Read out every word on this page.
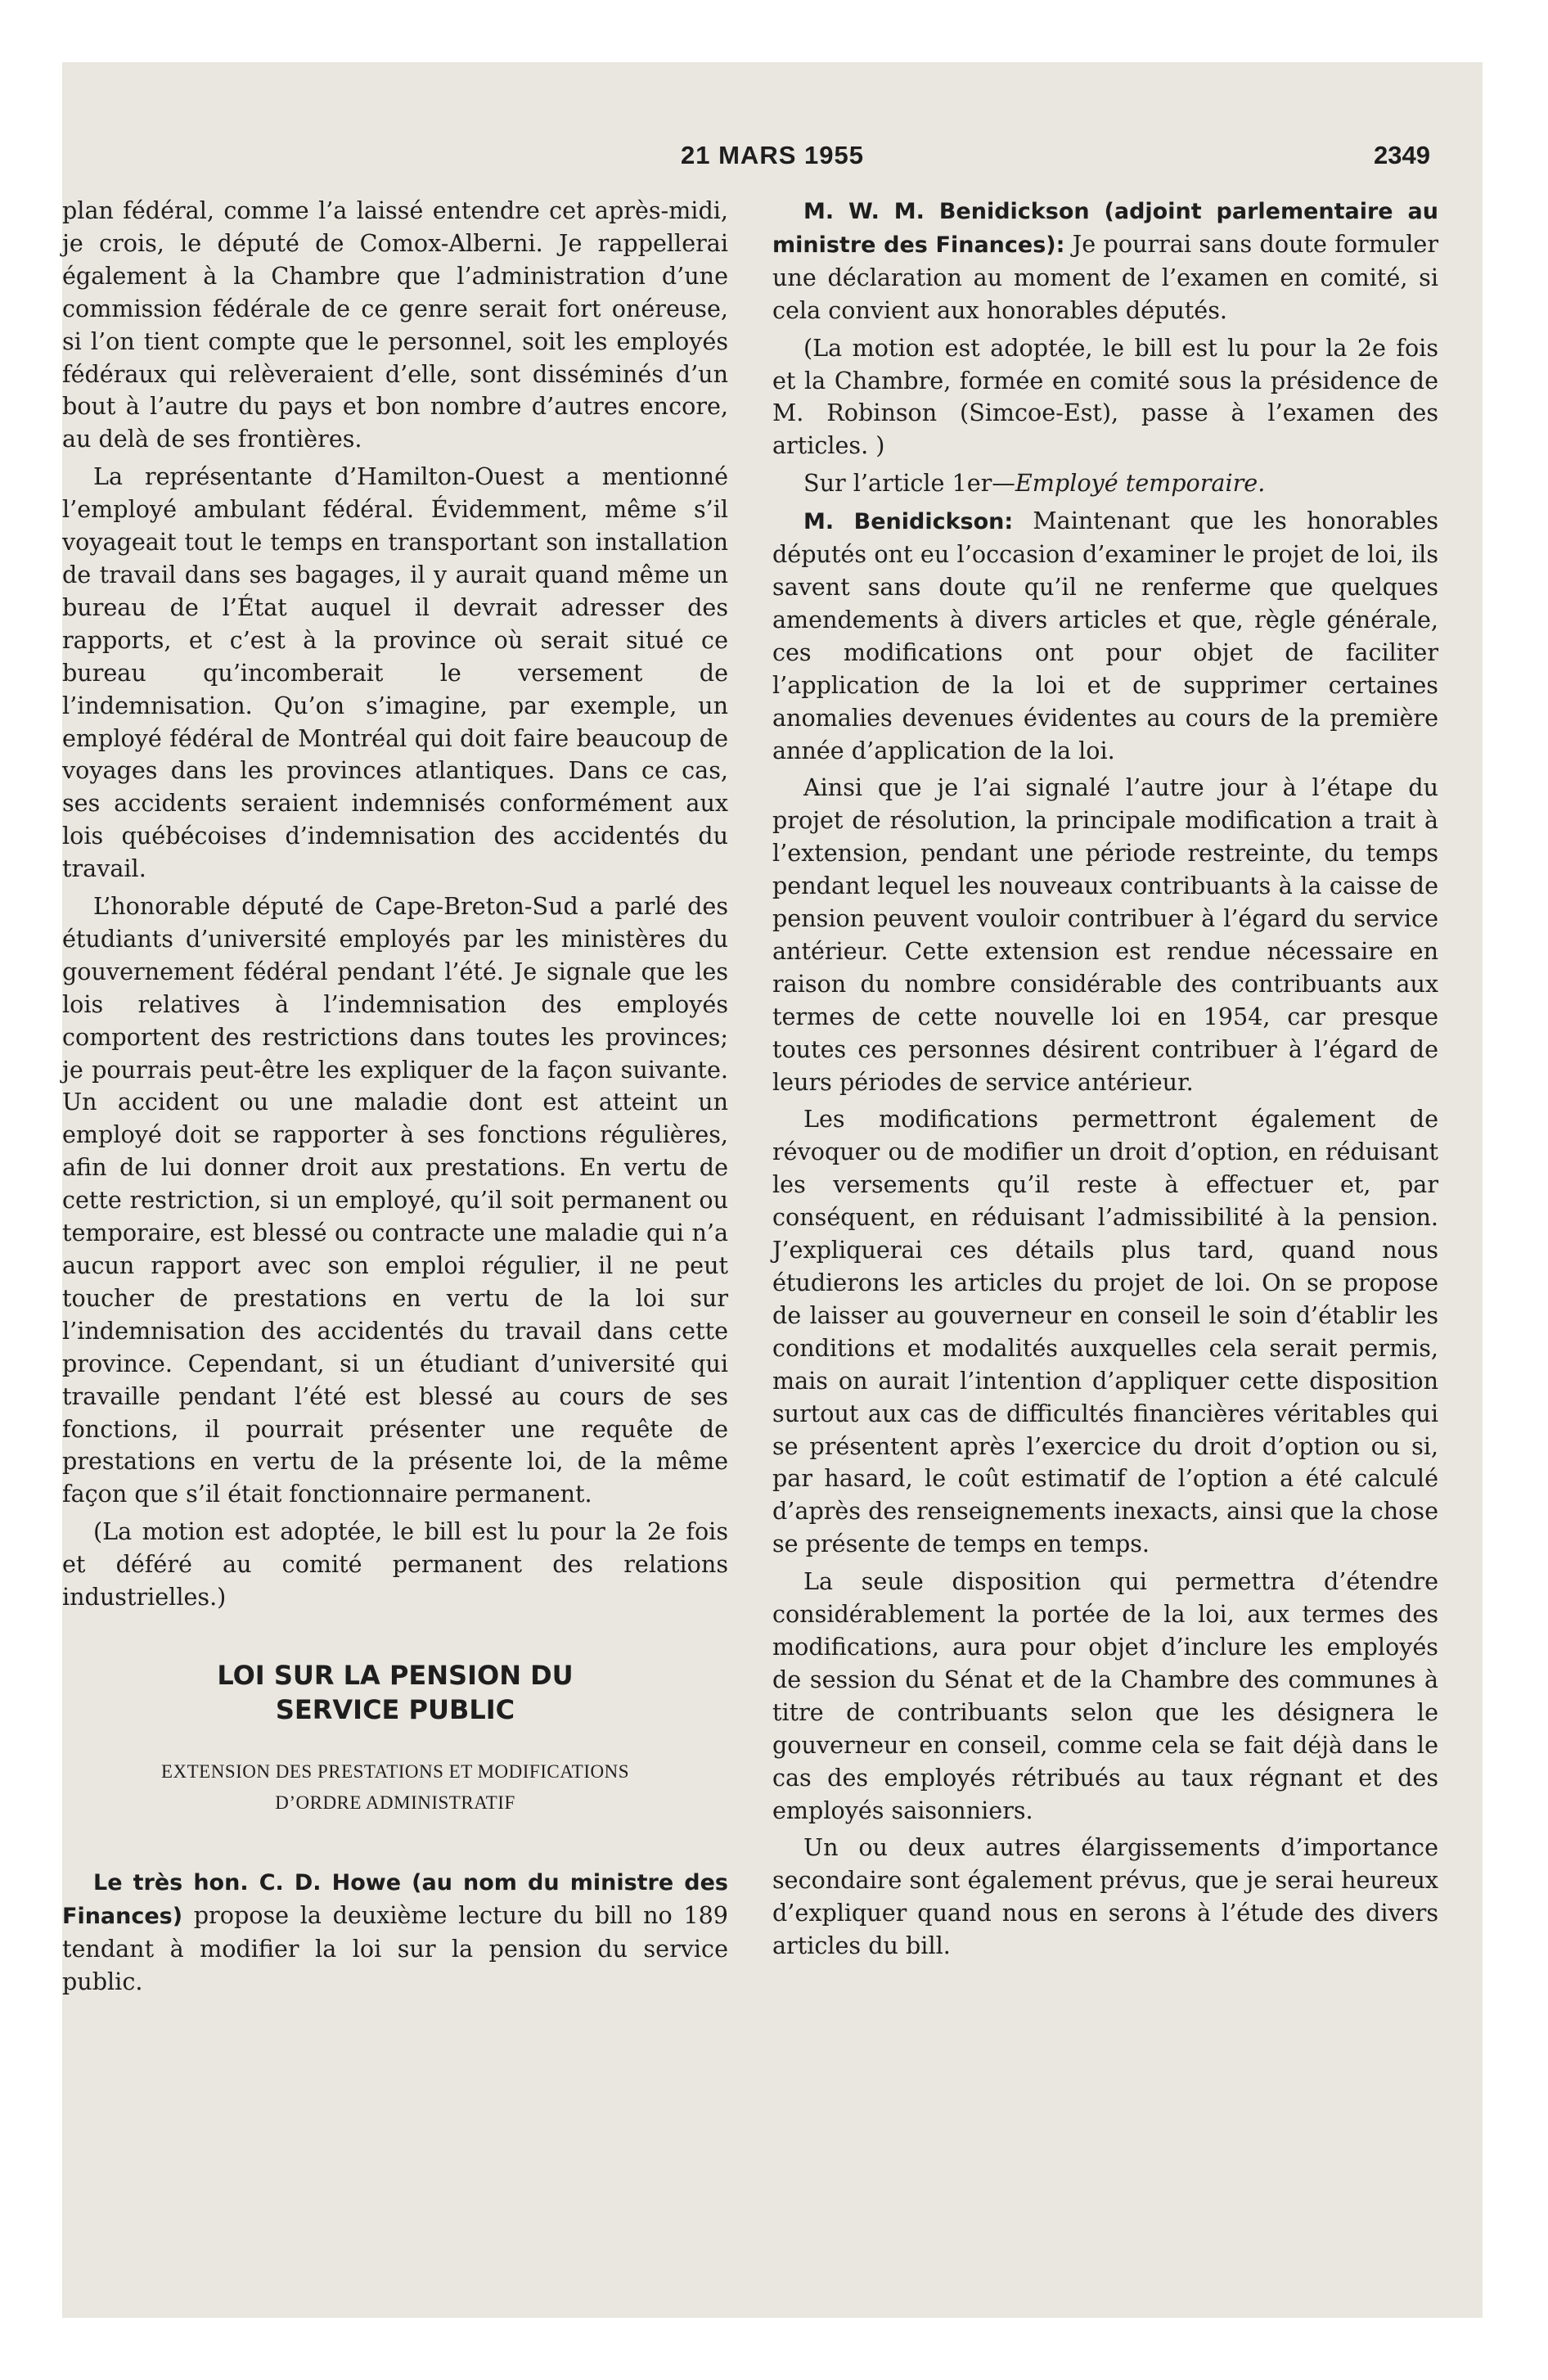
21 MARS 1955	2349

plan fédéral, comme l’a laissé entendre cet après-midi, je crois, le député de Comox-Alberni. Je rappellerai également à la Chambre que l’administration d’une commission fédérale de ce genre serait fort onéreuse, si l’on tient compte que le personnel, soit les employés fédéraux qui relèveraient d’elle, sont disséminés d’un bout à l’autre du pays et bon nombre d’autres encore, au delà de ses frontières.

La représentante d’Hamilton-Ouest a mentionné l’employé ambulant fédéral. Évidemment, même s’il voyageait tout le temps en transportant son installation de travail dans ses bagages, il y aurait quand même un bureau de l’État auquel il devrait adresser des rapports, et c’est à la province où serait situé ce bureau qu’incomberait le versement de l’indemnisation. Qu’on s’imagine, par exemple, un employé fédéral de Montréal qui doit faire beaucoup de voyages dans les provinces atlantiques. Dans ce cas, ses accidents seraient indemnisés conformément aux lois québécoises d’indemnisation des accidentés du travail.

L’honorable député de Cape-Breton-Sud a parlé des étudiants d’université employés par les ministères du gouvernement fédéral pendant l’été. Je signale que les lois relatives à l’indemnisation des employés comportent des restrictions dans toutes les provinces; je pourrais peut-être les expliquer de la façon suivante. Un accident ou une maladie dont est atteint un employé doit se rapporter à ses fonctions régulières, afin de lui donner droit aux prestations. En vertu de cette restriction, si un employé, qu’il soit permanent ou temporaire, est blessé ou contracte une maladie qui n’a aucun rapport avec son emploi régulier, il ne peut toucher de prestations en vertu de la loi sur l’indemnisation des accidentés du travail dans cette province. Cependant, si un étudiant d’université qui travaille pendant l’été est blessé au cours de ses fonctions, il pourrait présenter une requête de prestations en vertu de la présente loi, de la même façon que s’il était fonctionnaire permanent.

(La motion est adoptée, le bill est lu pour la 2e fois et déféré au comité permanent des relations industrielles.)

LOI SUR LA PENSION DU
SERVICE PUBLIC
EXTENSION DES PRESTATIONS ET MODIFICATIONS
D’ORDRE ADMINISTRATIF

Le très hon. C. D. Howe (au nom du ministre des Finances) propose la deuxième lecture du bill no 189 tendant à modifier la loi sur la pension du service public.

M. W. M. Benidickson (adjoint parlementaire au ministre des Finances): Je pourrai sans doute formuler une déclaration au moment de l’examen en comité, si cela convient aux honorables députés.

(La motion est adoptée, le bill est lu pour la 2e fois et la Chambre, formée en comité sous la présidence de M. Robinson (Simcoe-Est), passe à l’examen des articles. )

Sur l’article 1er—Employé temporaire.

M. Benidickson: Maintenant que les honorables députés ont eu l’occasion d’examiner le projet de loi, ils savent sans doute qu’il ne renferme que quelques amendements à divers articles et que, règle générale, ces modifications ont pour objet de faciliter l’application de la loi et de supprimer certaines anomalies devenues évidentes au cours de la première année d’application de la loi.

Ainsi que je l’ai signalé l’autre jour à l’étape du projet de résolution, la principale modification a trait à l’extension, pendant une période restreinte, du temps pendant lequel les nouveaux contribuants à la caisse de pension peuvent vouloir contribuer à l’égard du service antérieur. Cette extension est rendue nécessaire en raison du nombre considérable des contribuants aux termes de cette nouvelle loi en 1954, car presque toutes ces personnes désirent contribuer à l’égard de leurs périodes de service antérieur.

Les modifications permettront également de révoquer ou de modifier un droit d’option, en réduisant les versements qu’il reste à effectuer et, par conséquent, en réduisant l’admissibilité à la pension. J’expliquerai ces détails plus tard, quand nous étudierons les articles du projet de loi. On se propose de laisser au gouverneur en conseil le soin d’établir les conditions et modalités auxquelles cela serait permis, mais on aurait l’intention d’appliquer cette disposition surtout aux cas de difficultés financières véritables qui se présentent après l’exercice du droit d’option ou si, par hasard, le coût estimatif de l’option a été calculé d’après des renseignements inexacts, ainsi que la chose se présente de temps en temps.

La seule disposition qui permettra d’étendre considérablement la portée de la loi, aux termes des modifications, aura pour objet d’inclure les employés de session du Sénat et de la Chambre des communes à titre de contribuants selon que les désignera le gouverneur en conseil, comme cela se fait déjà dans le cas des employés rétribués au taux régnant et des employés saisonniers.

Un ou deux autres élargissements d’importance secondaire sont également prévus, que je serai heureux d’expliquer quand nous en serons à l’étude des divers articles du bill.
